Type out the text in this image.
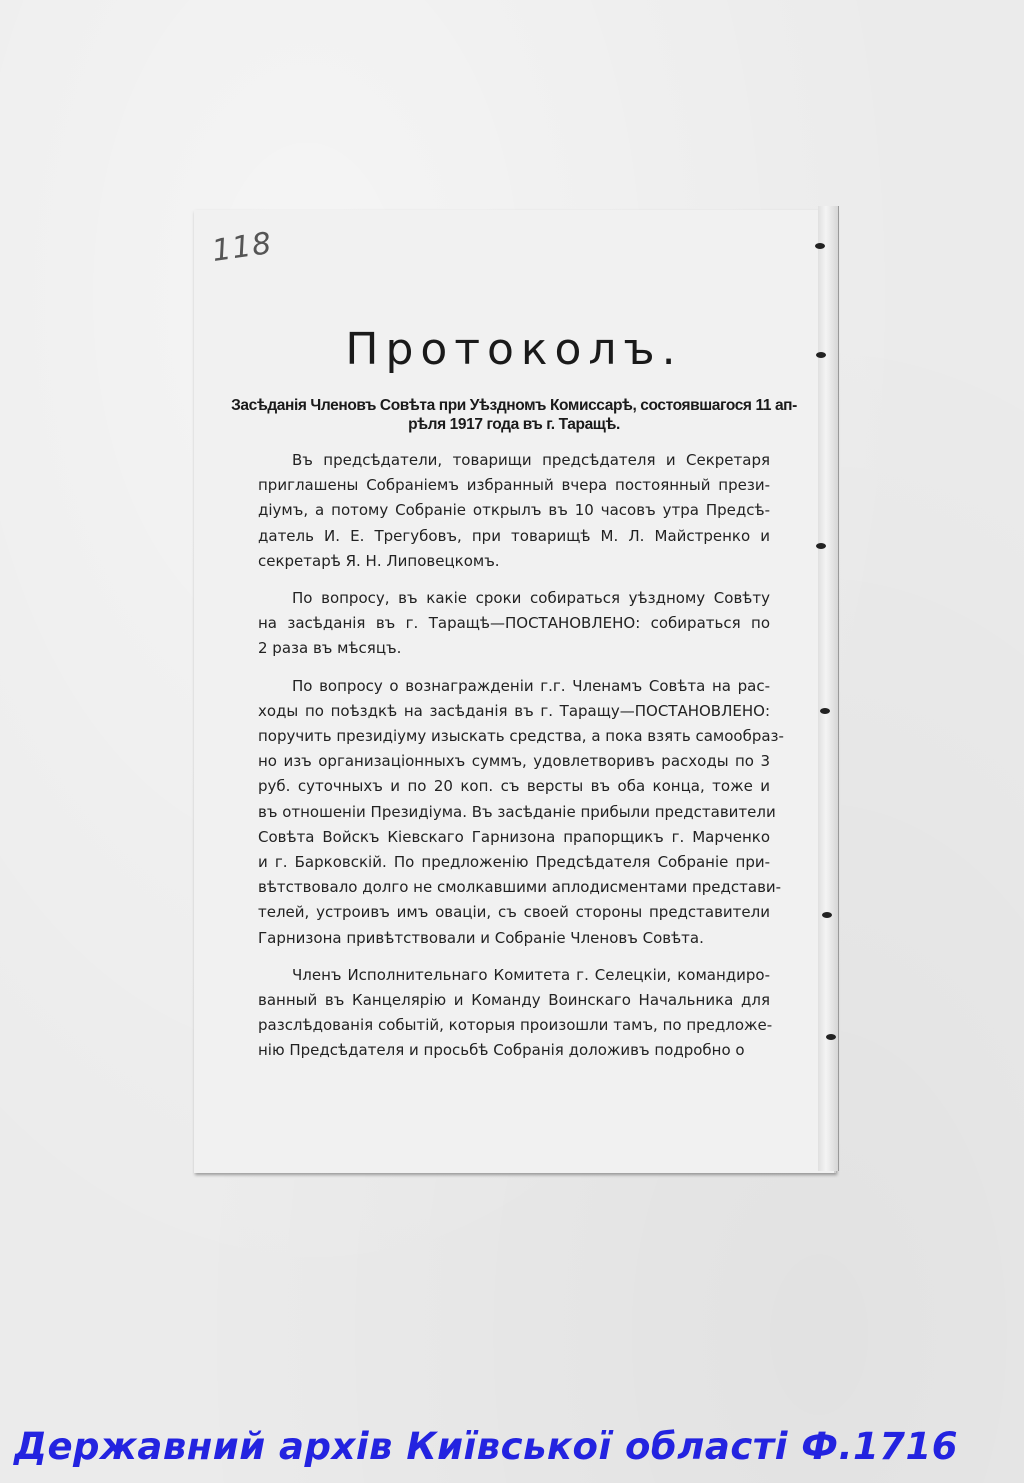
118
Протоколъ.
Засѣданія Членовъ Совѣта при Уѣздномъ Комиссарѣ, состоявшагося 11 ап-
рѣля 1917 года въ г. Таращѣ.
Въ предсѣдатели, товарищи предсѣдателя и Секретаря
приглашены Собраніемъ избранный вчера постоянный прези-
діумъ, а потому Собраніе открылъ въ 10 часовъ утра Предсѣ-
датель И. Е. Трегубовъ, при товарищѣ М. Л. Майстренко и
секретарѣ Я. Н. Липовецкомъ.
По вопросу, въ какіе сроки собираться уѣздному Совѣту
на засѣданія въ г. Таращѣ—ПОСТАНОВЛЕНО: собираться по
2 раза въ мѣсяцъ.
По вопросу о вознагражденіи г.г. Членамъ Совѣта на рас-
ходы по поѣздкѣ на засѣданія въ г. Таращу—ПОСТАНОВЛЕНО:
поручить президіуму изыскать средства, а пока взять самообраз-
но изъ организаціонныхъ суммъ, удовлетворивъ расходы по 3
руб. суточныхъ и по 20 коп. съ версты въ оба конца, тоже и
въ отношеніи Президіума. Въ засѣданіе прибыли представители
Совѣта Войскъ Кіевскаго Гарнизона прапорщикъ г. Марченко
и г. Барковскій. По предложенію Предсѣдателя Собраніе при-
вѣтствовало долго не смолкавшими аплодисментами представи-
телей, устроивъ имъ оваціи, съ своей стороны представители
Гарнизона привѣтствовали и Собраніе Членовъ Совѣта.
Членъ Исполнительнаго Комитета г. Селецкіи, командиро-
ванный въ Канцелярію и Команду Воинскаго Начальника для
разслѣдованія событій, которыя произошли тамъ, по предложе-
нію Предсѣдателя и просьбѣ Собранія доложивъ подробно о
Державний архів Київської області Ф.1716
